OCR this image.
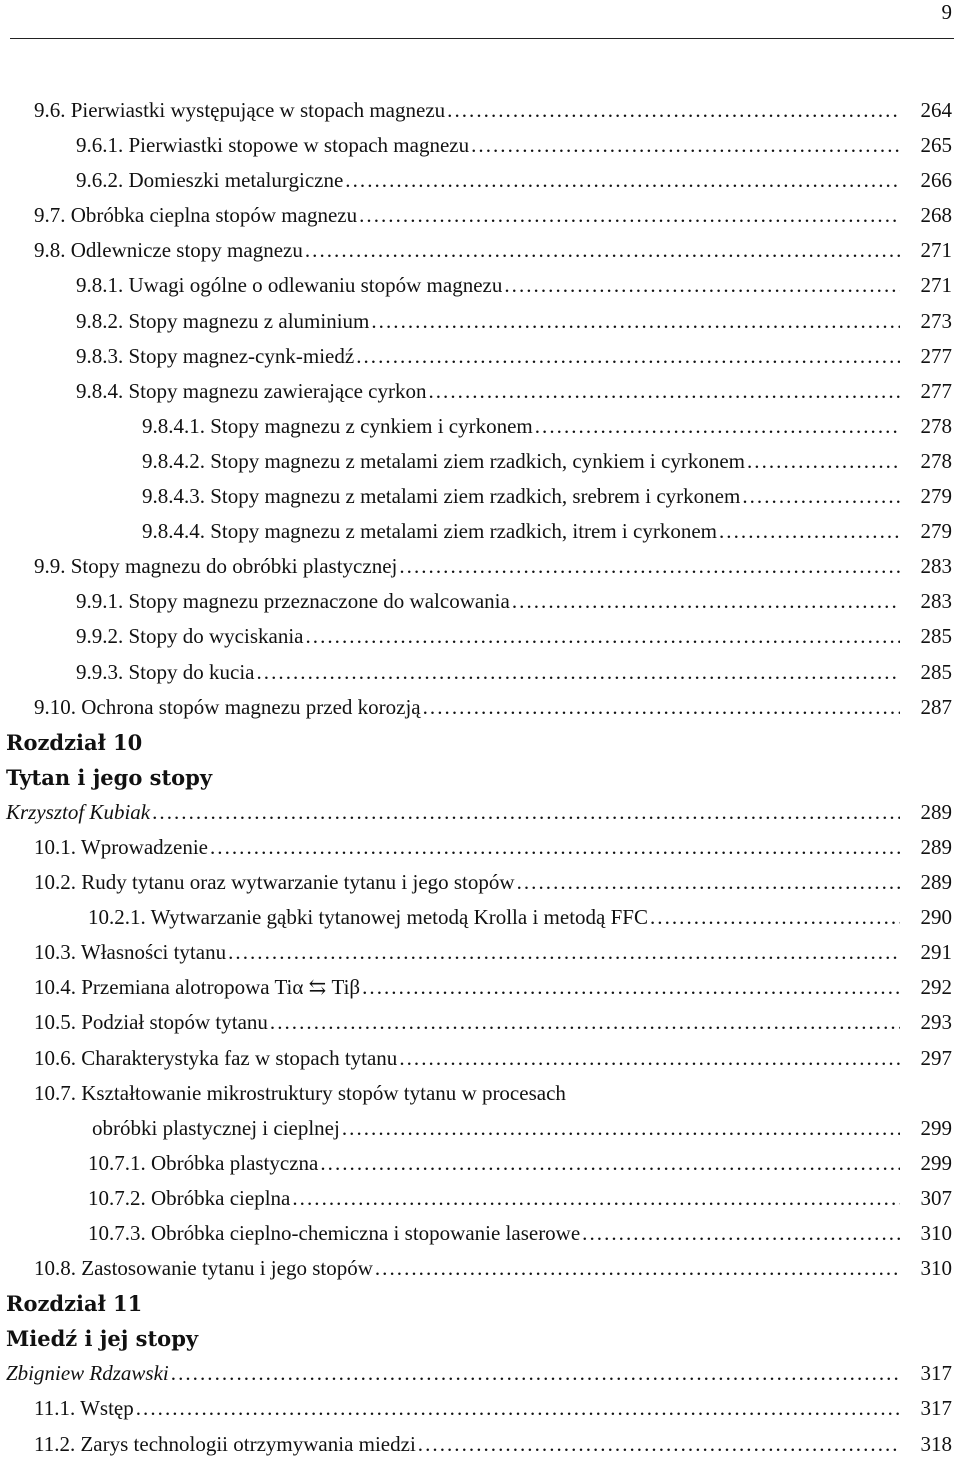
9
9.6. Pierwiastki występujące w stopach magnezu . . .	264
9.6.1. Pierwiastki stopowe w stopach magnezu . . .	265
9.6.2. Domieszki metalurgiczne . . .	266
9.7. Obróbka cieplna stopów magnezu . . .	268
9.8. Odlewnicze stopy magnezu . . .	271
9.8.1. Uwagi ogólne o odlewaniu stopów magnezu . . .	271
9.8.2. Stopy magnezu z aluminium . . .	273
9.8.3. Stopy magnez-cynk-miedź . . .	277
9.8.4. Stopy magnezu zawierające cyrkon . . .	277
9.8.4.1. Stopy magnezu z cynkiem i cyrkonem . . .	278
9.8.4.2. Stopy magnezu z metalami ziem rzadkich, cynkiem i cyrkonem . . .	278
9.8.4.3. Stopy magnezu z metalami ziem rzadkich, srebrem i cyrkonem . . .	279
9.8.4.4. Stopy magnezu z metalami ziem rzadkich, itrem i cyrkonem . . .	279
9.9. Stopy magnezu do obróbki plastycznej . . .	283
9.9.1. Stopy magnezu przeznaczone do walcowania . . .	283
9.9.2. Stopy do wyciskania . . .	285
9.9.3. Stopy do kucia . . .	285
9.10. Ochrona stopów magnezu przed korozją . . .	287
Rozdział 10
Tytan i jego stopy
Krzysztof Kubiak . . .	289
10.1. Wprowadzenie . . .	289
10.2. Rudy tytanu oraz wytwarzanie tytanu i jego stopów . . .	289
10.2.1. Wytwarzanie gąbki tytanowej metodą Krolla i metodą FFC . . .	290
10.3. Własności tytanu . . .	291
10.4. Przemiana alotropowa Tiα ⇆ Tiβ . . .	292
10.5. Podział stopów tytanu . . .	293
10.6. Charakterystyka faz w stopach tytanu . . .	297
10.7. Kształtowanie mikrostruktury stopów tytanu w procesach
obróbki plastycznej i cieplnej . . .	299
10.7.1. Obróbka plastyczna . . .	299
10.7.2. Obróbka cieplna . . .	307
10.7.3. Obróbka cieplno-chemiczna i stopowanie laserowe . . .	310
10.8. Zastosowanie tytanu i jego stopów . . .	310
Rozdział 11
Miedź i jej stopy
Zbigniew Rdzawski . . .	317
11.1. Wstęp . . .	317
11.2. Zarys technologii otrzymywania miedzi . . .	318
